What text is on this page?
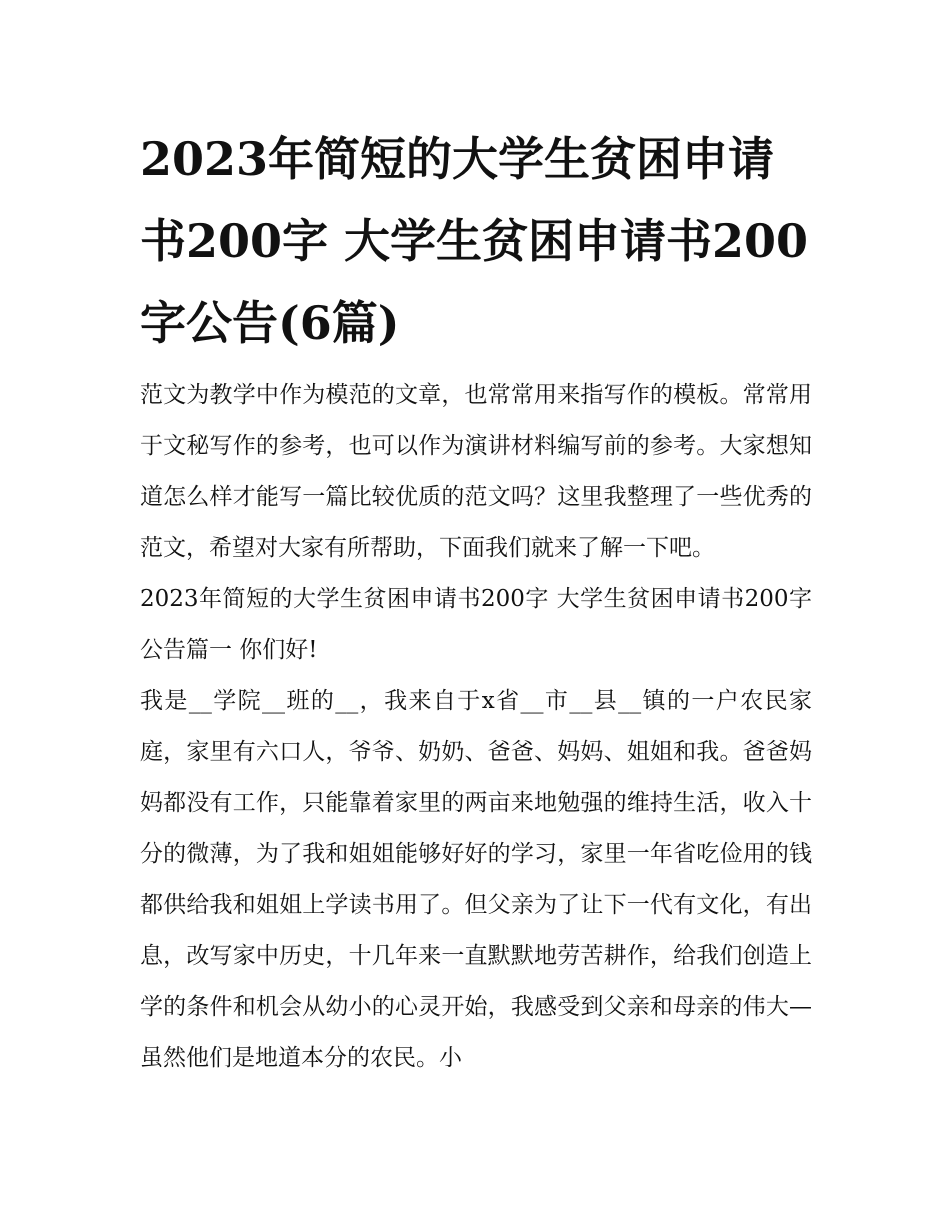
2023年简短的大学生贫困申请书200字 大学生贫困申请书200字公告(6篇)

范文为教学中作为模范的文章，也常常用来指写作的模板。常常用于文秘写作的参考，也可以作为演讲材料编写前的参考。大家想知道怎么样才能写一篇比较优质的范文吗？这里我整理了一些优秀的范文，希望对大家有所帮助，下面我们就来了解一下吧。

2023年简短的大学生贫困申请书200字 大学生贫困申请书200字公告篇一 你们好!

我是__学院__班的__，我来自于x省__市__县__镇的一户农民家庭，家里有六口人，爷爷、奶奶、爸爸、妈妈、姐姐和我。爸爸妈妈都没有工作，只能靠着家里的两亩来地勉强的维持生活，收入十分的微薄，为了我和姐姐能够好好的学习，家里一年省吃俭用的钱都供给我和姐姐上学读书用了。但父亲为了让下一代有文化，有出息，改写家中历史，十几年来一直默默地劳苦耕作，给我们创造上学的条件和机会从幼小的心灵开始，我感受到父亲和母亲的伟大—虽然他们是地道本分的农民。小
